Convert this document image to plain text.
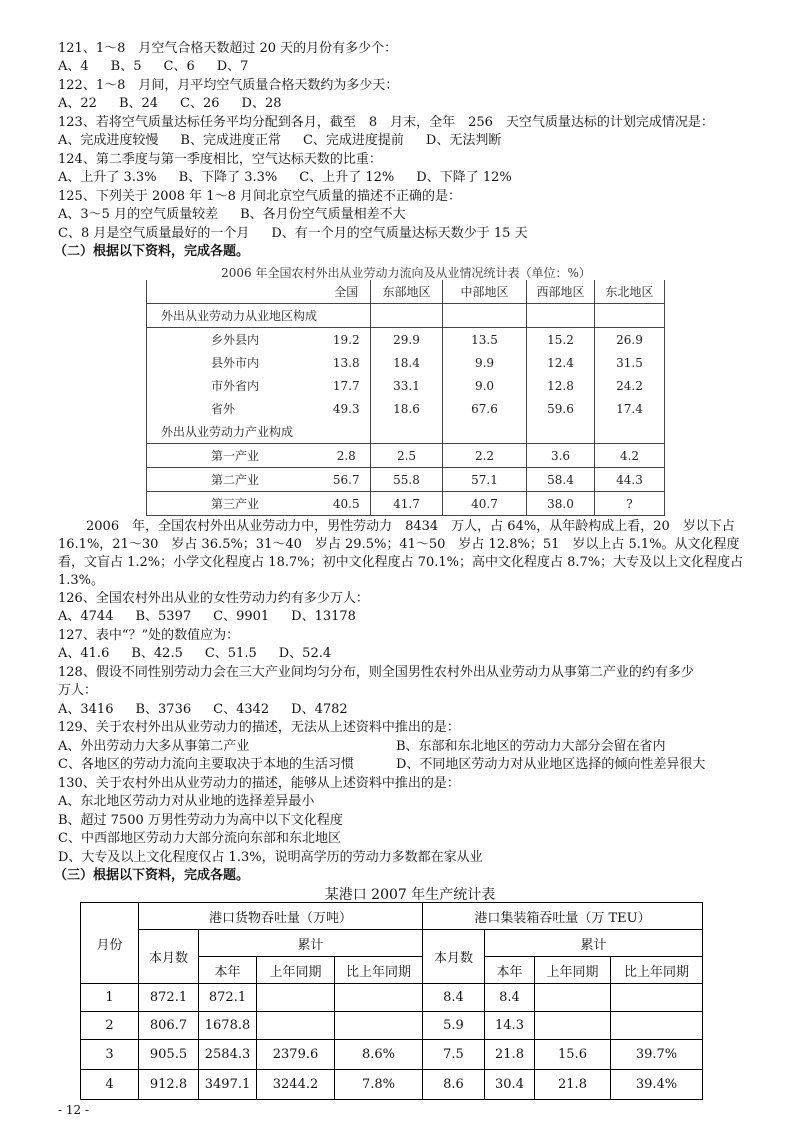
121、1～8　月空气合格天数超过 20 天的月份有多少个：
A、4 B、5 C、6 D、7
122、1～8　月间，月平均空气质量合格天数约为多少天：
A、22 B、24 C、26 D、28
123、若将空气质量达标任务平均分配到各月，截至　8　月末，全年　256　天空气质量达标的计划完成情况是：
A、完成进度较慢 B、完成进度正常 C、完成进度提前 D、无法判断
124、第二季度与第一季度相比，空气达标天数的比重：
A、上升了 3.3% B、下降了 3.3% C、上升了 12% D、下降了 12%
125、下列关于 2008 年 1～8 月间北京空气质量的描述不正确的是：
A、3～5 月的空气质量较差 B、各月份空气质量相差不大
C、8 月是空气质量最好的一个月 D、有一个月的空气质量达标天数少于 15 天
（二）根据以下资料，完成各题。
2006 年全国农村外出从业劳动力流向及从业情况统计表（单位：%）
	全国	东部地区	中部地区	西部地区	东北地区
外出从业劳动力从业地区构成					
乡外县内	19.2	29.9	13.5	15.2	26.9
县外市内	13.8	18.4	9.9	12.4	31.5
市外省内	17.7	33.1	9.0	12.8	24.2
省外	49.3	18.6	67.6	59.6	17.4
外出从业劳动力产业构成					
第一产业	2.8	2.5	2.2	3.6	4.2
第二产业	56.7	55.8	57.1	58.4	44.3
第三产业	40.5	41.7	40.7	38.0	?
2006　年，全国农村外出从业劳动力中，男性劳动力　8434　万人，占 64%，从年龄构成上看，20　岁以下占 16.1%，21～30　岁占 36.5%；31～40　岁占 29.5%；41～50　岁占 12.8%；51　岁以上占 5.1%。从文化程度看，文盲占 1.2%；小学文化程度占 18.7%；初中文化程度占 70.1%；高中文化程度占 8.7%；大专及以上文化程度占 1.3%。
126、全国农村外出从业的女性劳动力约有多少万人：
A、4744 B、5397 C、9901 D、13178
127、表中“？”处的数值应为：
A、41.6 B、42.5 C、51.5 D、52.4
128、假设不同性别劳动力会在三大产业间均匀分布，则全国男性农村外出从业劳动力从事第二产业的约有多少
万人：
A、3416 B、3736 C、4342 D、4782
129、关于农村外出从业劳动力的描述，无法从上述资料中推出的是：
A、外出劳动力大多从事第二产业	B、东部和东北地区的劳动力大部分会留在省内
C、各地区的劳动力流向主要取决于本地的生活习惯	D、不同地区劳动力对从业地区选择的倾向性差异很大
130、关于农村外出从业劳动力的描述，能够从上述资料中推出的是：
A、东北地区劳动力对从业地的选择差异最小
B、超过 7500 万男性劳动力为高中以下文化程度
C、中西部地区劳动力大部分流向东部和东北地区
D、大专及以上文化程度仅占 1.3%，说明高学历的劳动力多数都在家从业
（三）根据以下资料，完成各题。
某港口 2007 年生产统计表
月份	港口货物吞吐量（万吨）				港口集装箱吞吐量（万 TEU）			
	本月数	累计			本月数	累计		
		本年	上年同期	比上年同期		本年	上年同期	比上年同期
1	872.1	872.1			8.4	8.4		
2	806.7	1678.8			5.9	14.3		
3	905.5	2584.3	2379.6	8.6%	7.5	21.8	15.6	39.7%
4	912.8	3497.1	3244.2	7.8%	8.6	30.4	21.8	39.4%
- 12 -
